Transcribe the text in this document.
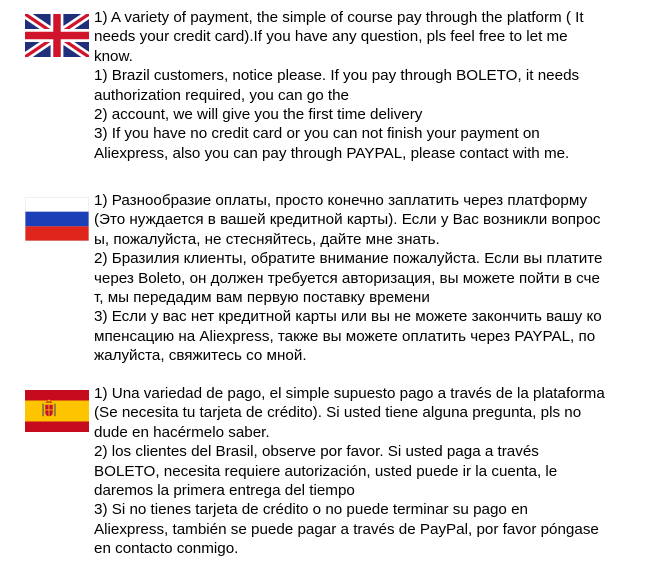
1) A variety of payment, the simple of course pay through the platform ( It
needs your credit card).If you have any question, pls feel free to let me
know.
1) Brazil customers, notice please. If you pay through BOLETO, it needs
authorization required, you can go the
2) account, we will give you the first time delivery
3) If you have no credit card or you can not finish your payment on
Aliexpress, also you can pay through PAYPAL, please contact with me.
1) Разнообразие оплаты, просто конечно заплатить через платформу
(Это нуждается в вашей кредитной карты). Если у Вас возникли вопрос
ы, пожалуйста, не стесняйтесь, дайте мне знать.
2) Бразилия клиенты, обратите внимание пожалуйста. Если вы платите
через Boleto, он должен требуется авторизация, вы можете пойти в сче
т, мы передадим вам первую поставку времени
3) Если у вас нет кредитной карты или вы не можете закончить вашу ко
мпенсацию на Aliexpress, также вы можете оплатить через PAYPAL, по
жалуйста, свяжитесь со мной.
1) Una variedad de pago, el simple supuesto pago a través de la plataforma
(Se necesita tu tarjeta de crédito). Si usted tiene alguna pregunta, pls no
dude en hacérmelo saber.
2) los clientes del Brasil, observe por favor. Si usted paga a través
BOLETO, necesita requiere autorización, usted puede ir la cuenta, le
daremos la primera entrega del tiempo
3) Si no tienes tarjeta de crédito o no puede terminar su pago en
Aliexpress, también se puede pagar a través de PayPal, por favor póngase
en contacto conmigo.
